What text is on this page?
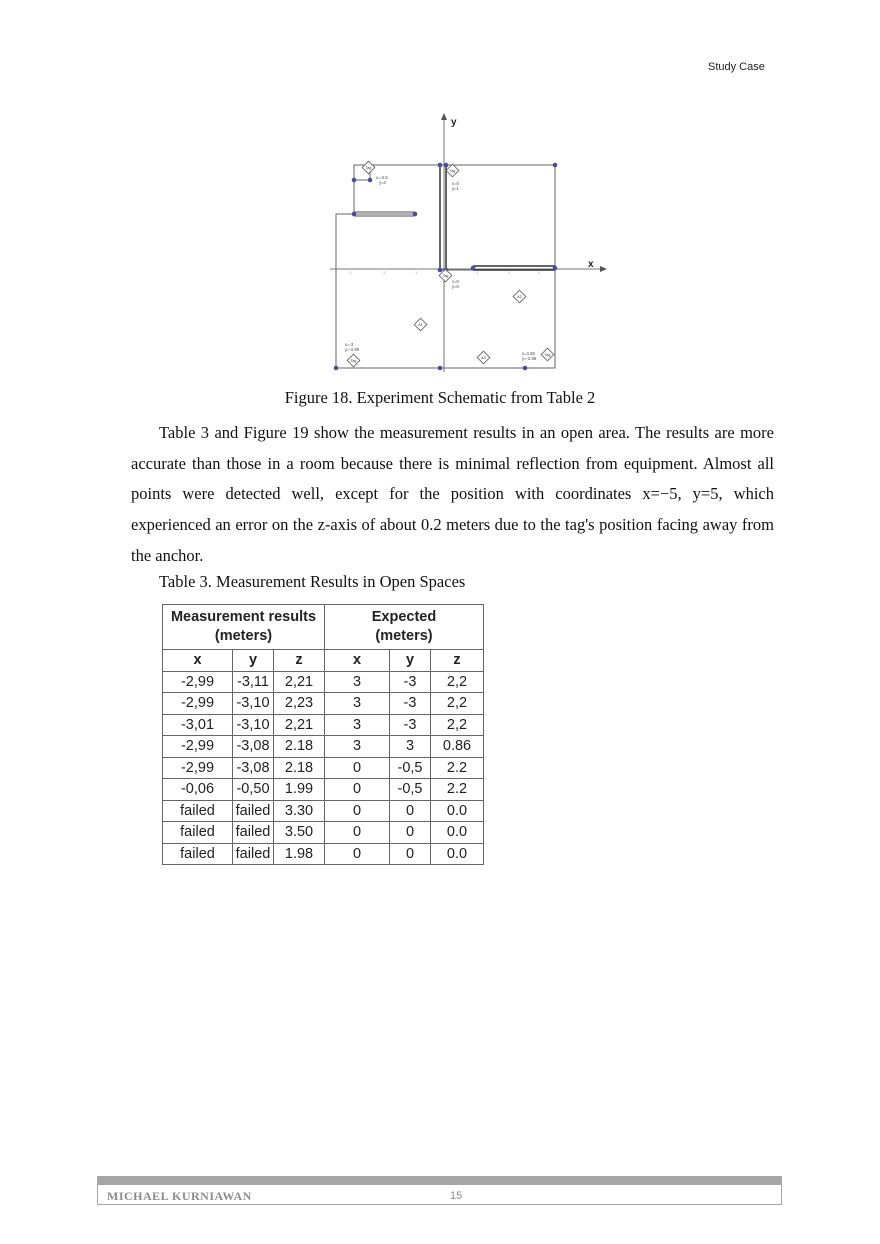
Study Case
x
y
-5	-3	-1	1	2	3
Tag
x=-2.5
y=3
Tag
x=0
y=1
Tag
x=0
y=0
A1
A2
A3
Tag
x=-3
y=-2.99
Tag
x=3.28
y=-2.98
Figure 18. Experiment Schematic from Table 2
Table 3 and Figure 19 show the measurement results in an open area. The results are more accurate than those in a room because there is minimal reflection from equipment. Almost all points were detected well, except for the position with coordinates x=−5, y=5, which experienced an error on the z-axis of about 0.2 meters due to the tag's position facing away from the anchor.
Table 3. Measurement Results in Open Spaces
Measurement results
(meters)			Expected
(meters)		
x	y	z	x	y	z
-2,99	-3,11	2,21	3	-3	2,2
-2,99	-3,10	2,23	3	-3	2,2
-3,01	-3,10	2,21	3	-3	2,2
-2,99	-3,08	2.18	3	3	0.86
-2,99	-3,08	2.18	0	-0,5	2.2
-0,06	-0,50	1.99	0	-0,5	2.2
failed	failed	3.30	0	0	0.0
failed	failed	3.50	0	0	0.0
failed	failed	1.98	0	0	0.0
MICHAEL KURNIAWAN	15
